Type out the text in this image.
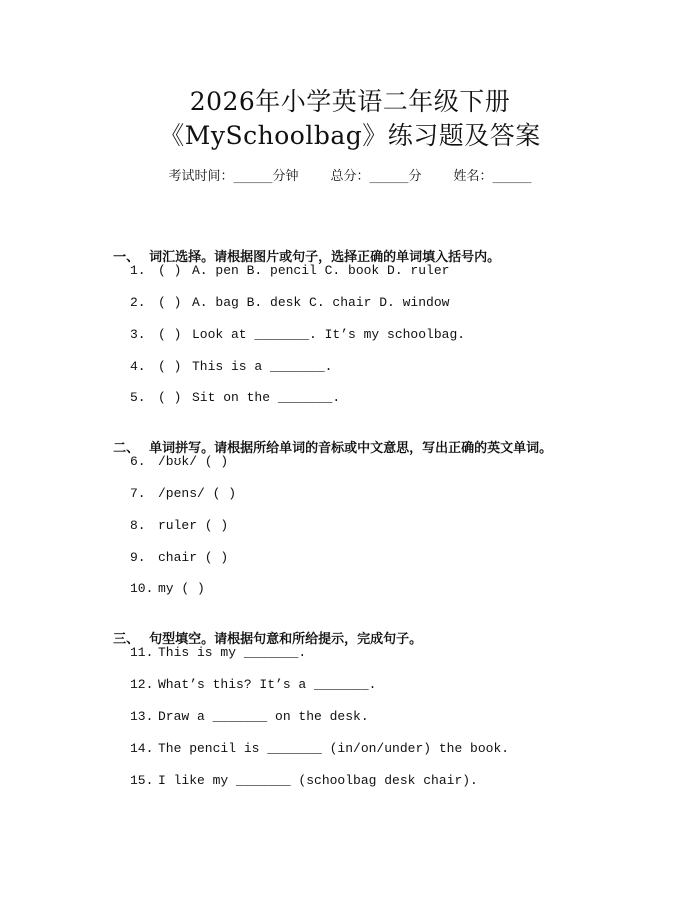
2026年小学英语二年级下册
《MySchoolbag》练习题及答案
考试时间：______分钟 总分：______分 姓名：______

一、 词汇选择。请根据图片或句子，选择正确的单词填入括号内。

1. ( ) A. pen B. pencil C. book D. ruler
2. ( ) A. bag B. desk C. chair D. window
3. ( ) Look at _______. It’s my schoolbag.
4. ( ) This is a _______.
5. ( ) Sit on the _______.

二、 单词拼写。请根据所给单词的音标或中文意思，写出正确的英文单词。

6. /bʊk/ ( )
7. /pens/ ( )
8. ruler ( )
9. chair ( )
10. my ( )

三、 句型填空。请根据句意和所给提示，完成句子。

11. This is my _______.
12. What’s this? It’s a _______.
13. Draw a _______ on the desk.
14. The pencil is _______ (in/on/under) the book.
15. I like my _______ (schoolbag desk chair).
